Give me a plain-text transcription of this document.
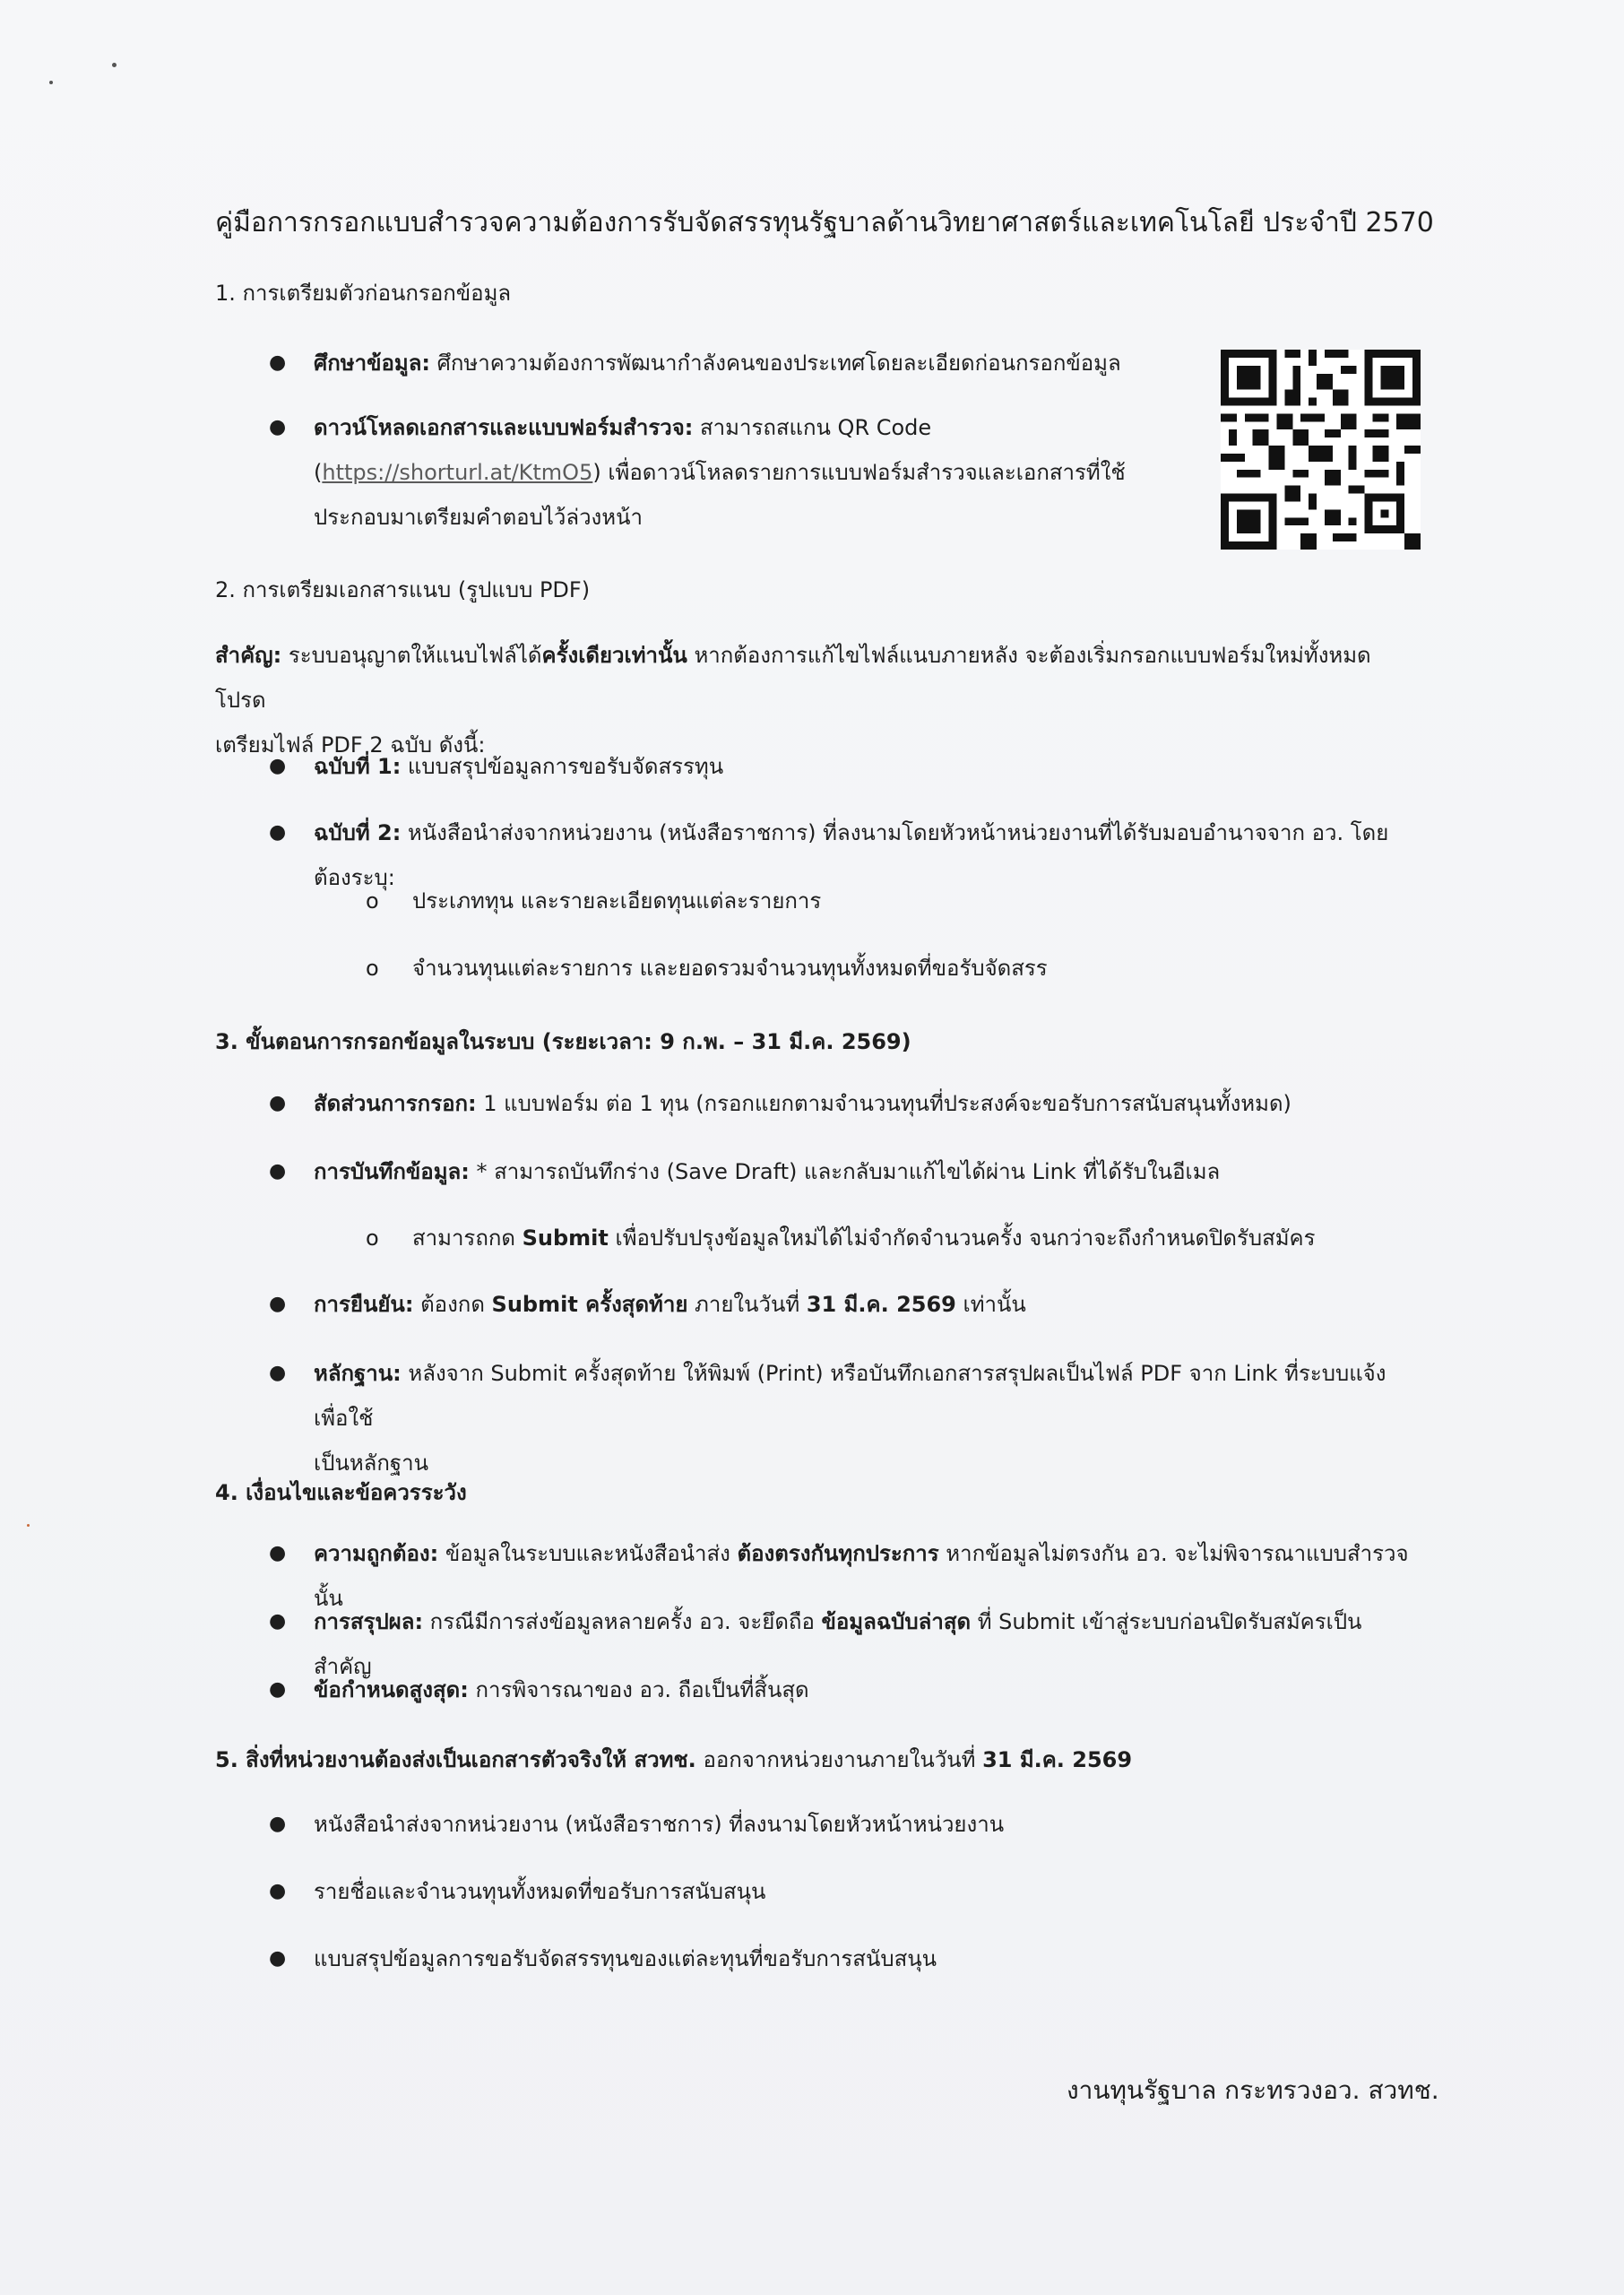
คู่มือการกรอกแบบสำรวจความต้องการรับจัดสรรทุนรัฐบาลด้านวิทยาศาสตร์และเทคโนโลยี ประจำปี 2570
1. การเตรียมตัวก่อนกรอกข้อมูล
● ศึกษาข้อมูล: ศึกษาความต้องการพัฒนากำลังคนของประเทศโดยละเอียดก่อนกรอกข้อมูล
● ดาวน์โหลดเอกสารและแบบฟอร์มสำรวจ: สามารถสแกน QR Code
(https://shorturl.at/KtmO5) เพื่อดาวน์โหลดรายการแบบฟอร์มสำรวจและเอกสารที่ใช้
ประกอบมาเตรียมคำตอบไว้ล่วงหน้า
2. การเตรียมเอกสารแนบ (รูปแบบ PDF)
สำคัญ: ระบบอนุญาตให้แนบไฟล์ได้ครั้งเดียวเท่านั้น หากต้องการแก้ไขไฟล์แนบภายหลัง จะต้องเริ่มกรอกแบบฟอร์มใหม่ทั้งหมด โปรด
เตรียมไฟล์ PDF 2 ฉบับ ดังนี้:
● ฉบับที่ 1: แบบสรุปข้อมูลการขอรับจัดสรรทุน
● ฉบับที่ 2: หนังสือนำส่งจากหน่วยงาน (หนังสือราชการ) ที่ลงนามโดยหัวหน้าหน่วยงานที่ได้รับมอบอำนาจจาก อว. โดยต้องระบุ:
o ประเภททุน และรายละเอียดทุนแต่ละรายการ
o จำนวนทุนแต่ละรายการ และยอดรวมจำนวนทุนทั้งหมดที่ขอรับจัดสรร
3. ขั้นตอนการกรอกข้อมูลในระบบ (ระยะเวลา: 9 ก.พ. – 31 มี.ค. 2569)
● สัดส่วนการกรอก: 1 แบบฟอร์ม ต่อ 1 ทุน (กรอกแยกตามจำนวนทุนที่ประสงค์จะขอรับการสนับสนุนทั้งหมด)
● การบันทึกข้อมูล: * สามารถบันทึกร่าง (Save Draft) และกลับมาแก้ไขได้ผ่าน Link ที่ได้รับในอีเมล
o สามารถกด Submit เพื่อปรับปรุงข้อมูลใหม่ได้ไม่จำกัดจำนวนครั้ง จนกว่าจะถึงกำหนดปิดรับสมัคร
● การยืนยัน: ต้องกด Submit ครั้งสุดท้าย ภายในวันที่ 31 มี.ค. 2569 เท่านั้น
● หลักฐาน: หลังจาก Submit ครั้งสุดท้าย ให้พิมพ์ (Print) หรือบันทึกเอกสารสรุปผลเป็นไฟล์ PDF จาก Link ที่ระบบแจ้งเพื่อใช้
เป็นหลักฐาน
4. เงื่อนไขและข้อควรระวัง
● ความถูกต้อง: ข้อมูลในระบบและหนังสือนำส่ง ต้องตรงกันทุกประการ หากข้อมูลไม่ตรงกัน อว. จะไม่พิจารณาแบบสำรวจนั้น
● การสรุปผล: กรณีมีการส่งข้อมูลหลายครั้ง อว. จะยึดถือ ข้อมูลฉบับล่าสุด ที่ Submit เข้าสู่ระบบก่อนปิดรับสมัครเป็นสำคัญ
● ข้อกำหนดสูงสุด: การพิจารณาของ อว. ถือเป็นที่สิ้นสุด
5. สิ่งที่หน่วยงานต้องส่งเป็นเอกสารตัวจริงให้ สวทช. ออกจากหน่วยงานภายในวันที่ 31 มี.ค. 2569
● หนังสือนำส่งจากหน่วยงาน (หนังสือราชการ) ที่ลงนามโดยหัวหน้าหน่วยงาน
● รายชื่อและจำนวนทุนทั้งหมดที่ขอรับการสนับสนุน
● แบบสรุปข้อมูลการขอรับจัดสรรทุนของแต่ละทุนที่ขอรับการสนับสนุน
งานทุนรัฐบาล กระทรวงอว. สวทช.
